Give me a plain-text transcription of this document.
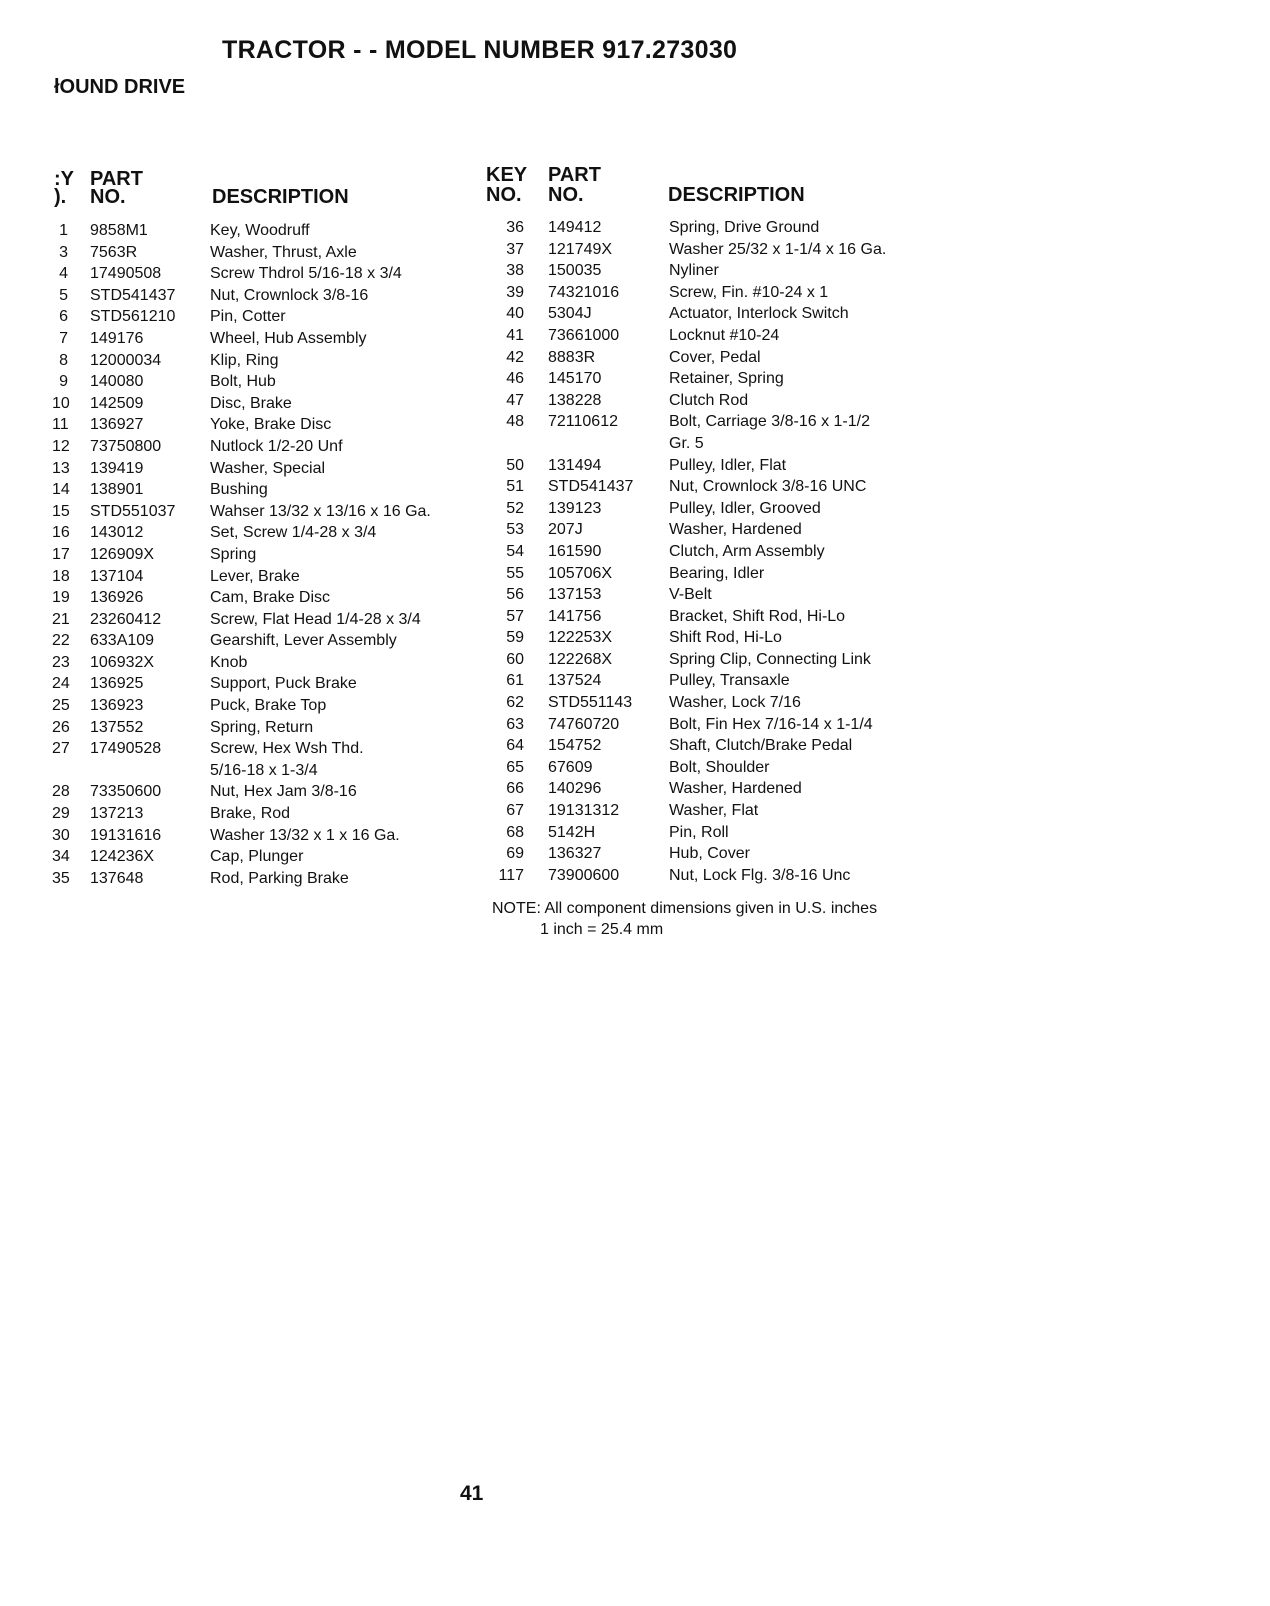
TRACTOR - - MODEL NUMBER 917.273030
łOUND DRIVE
:Y
).
PART
NO.	DESCRIPTION
KEY
NO.
PART
NO.	DESCRIPTION
1 9858M1	Key, Woodruff
3 7563R	Washer, Thrust, Axle
4 17490508	Screw Thdrol 5/16-18 x 3/4
5 STD541437	Nut, Crownlock 3/8-16
6 STD561210	Pin, Cotter
7 149176	Wheel, Hub Assembly
8 12000034	Klip, Ring
9 140080	Bolt, Hub
10 142509	Disc, Brake
11 136927	Yoke, Brake Disc
12 73750800	Nutlock 1/2-20 Unf
13 139419	Washer, Special
14 138901	Bushing
15 STD551037	Wahser 13/32 x 13/16 x 16 Ga.
16 143012	Set, Screw 1/4-28 x 3/4
17 126909X	Spring
18 137104	Lever, Brake
19 136926	Cam, Brake Disc
21 23260412	Screw, Flat Head 1/4-28 x 3/4
22 633A109	Gearshift, Lever Assembly
23 106932X	Knob
24 136925	Support, Puck Brake
25 136923	Puck, Brake Top
26 137552	Spring, Return
27 17490528	Screw, Hex Wsh Thd.
5/16-18 x 1-3/4
28 73350600	Nut, Hex Jam 3/8-16
29 137213	Brake, Rod
30 19131616	Washer 13/32 x 1 x 16 Ga.
34 124236X	Cap, Plunger
35 137648	Rod, Parking Brake
36 149412	Spring, Drive Ground
37 121749X	Washer 25/32 x 1-1/4 x 16 Ga.
38 150035	Nyliner
39 74321016	Screw, Fin. #10-24 x 1
40 5304J	Actuator, Interlock Switch
41 73661000	Locknut #10-24
42 8883R	Cover, Pedal
46 145170	Retainer, Spring
47 138228	Clutch Rod
48 72110612	Bolt, Carriage 3/8-16 x 1-1/2
Gr. 5
50 131494	Pulley, Idler, Flat
51 STD541437	Nut, Crownlock 3/8-16 UNC
52 139123	Pulley, Idler, Grooved
53 207J	Washer, Hardened
54 161590	Clutch, Arm Assembly
55 105706X	Bearing, Idler
56 137153	V-Belt
57 141756	Bracket, Shift Rod, Hi-Lo
59 122253X	Shift Rod, Hi-Lo
60 122268X	Spring Clip, Connecting Link
61 137524	Pulley, Transaxle
62 STD551143	Washer, Lock 7/16
63 74760720	Bolt, Fin Hex 7/16-14 x 1-1/4
64 154752	Shaft, Clutch/Brake Pedal
65 67609	Bolt, Shoulder
66 140296	Washer, Hardened
67 19131312	Washer, Flat
68 5142H	Pin, Roll
69 136327	Hub, Cover
117 73900600	Nut, Lock Flg. 3/8-16 Unc
NOTE: All component dimensions given in U.S. inches
1 inch = 25.4 mm
41
